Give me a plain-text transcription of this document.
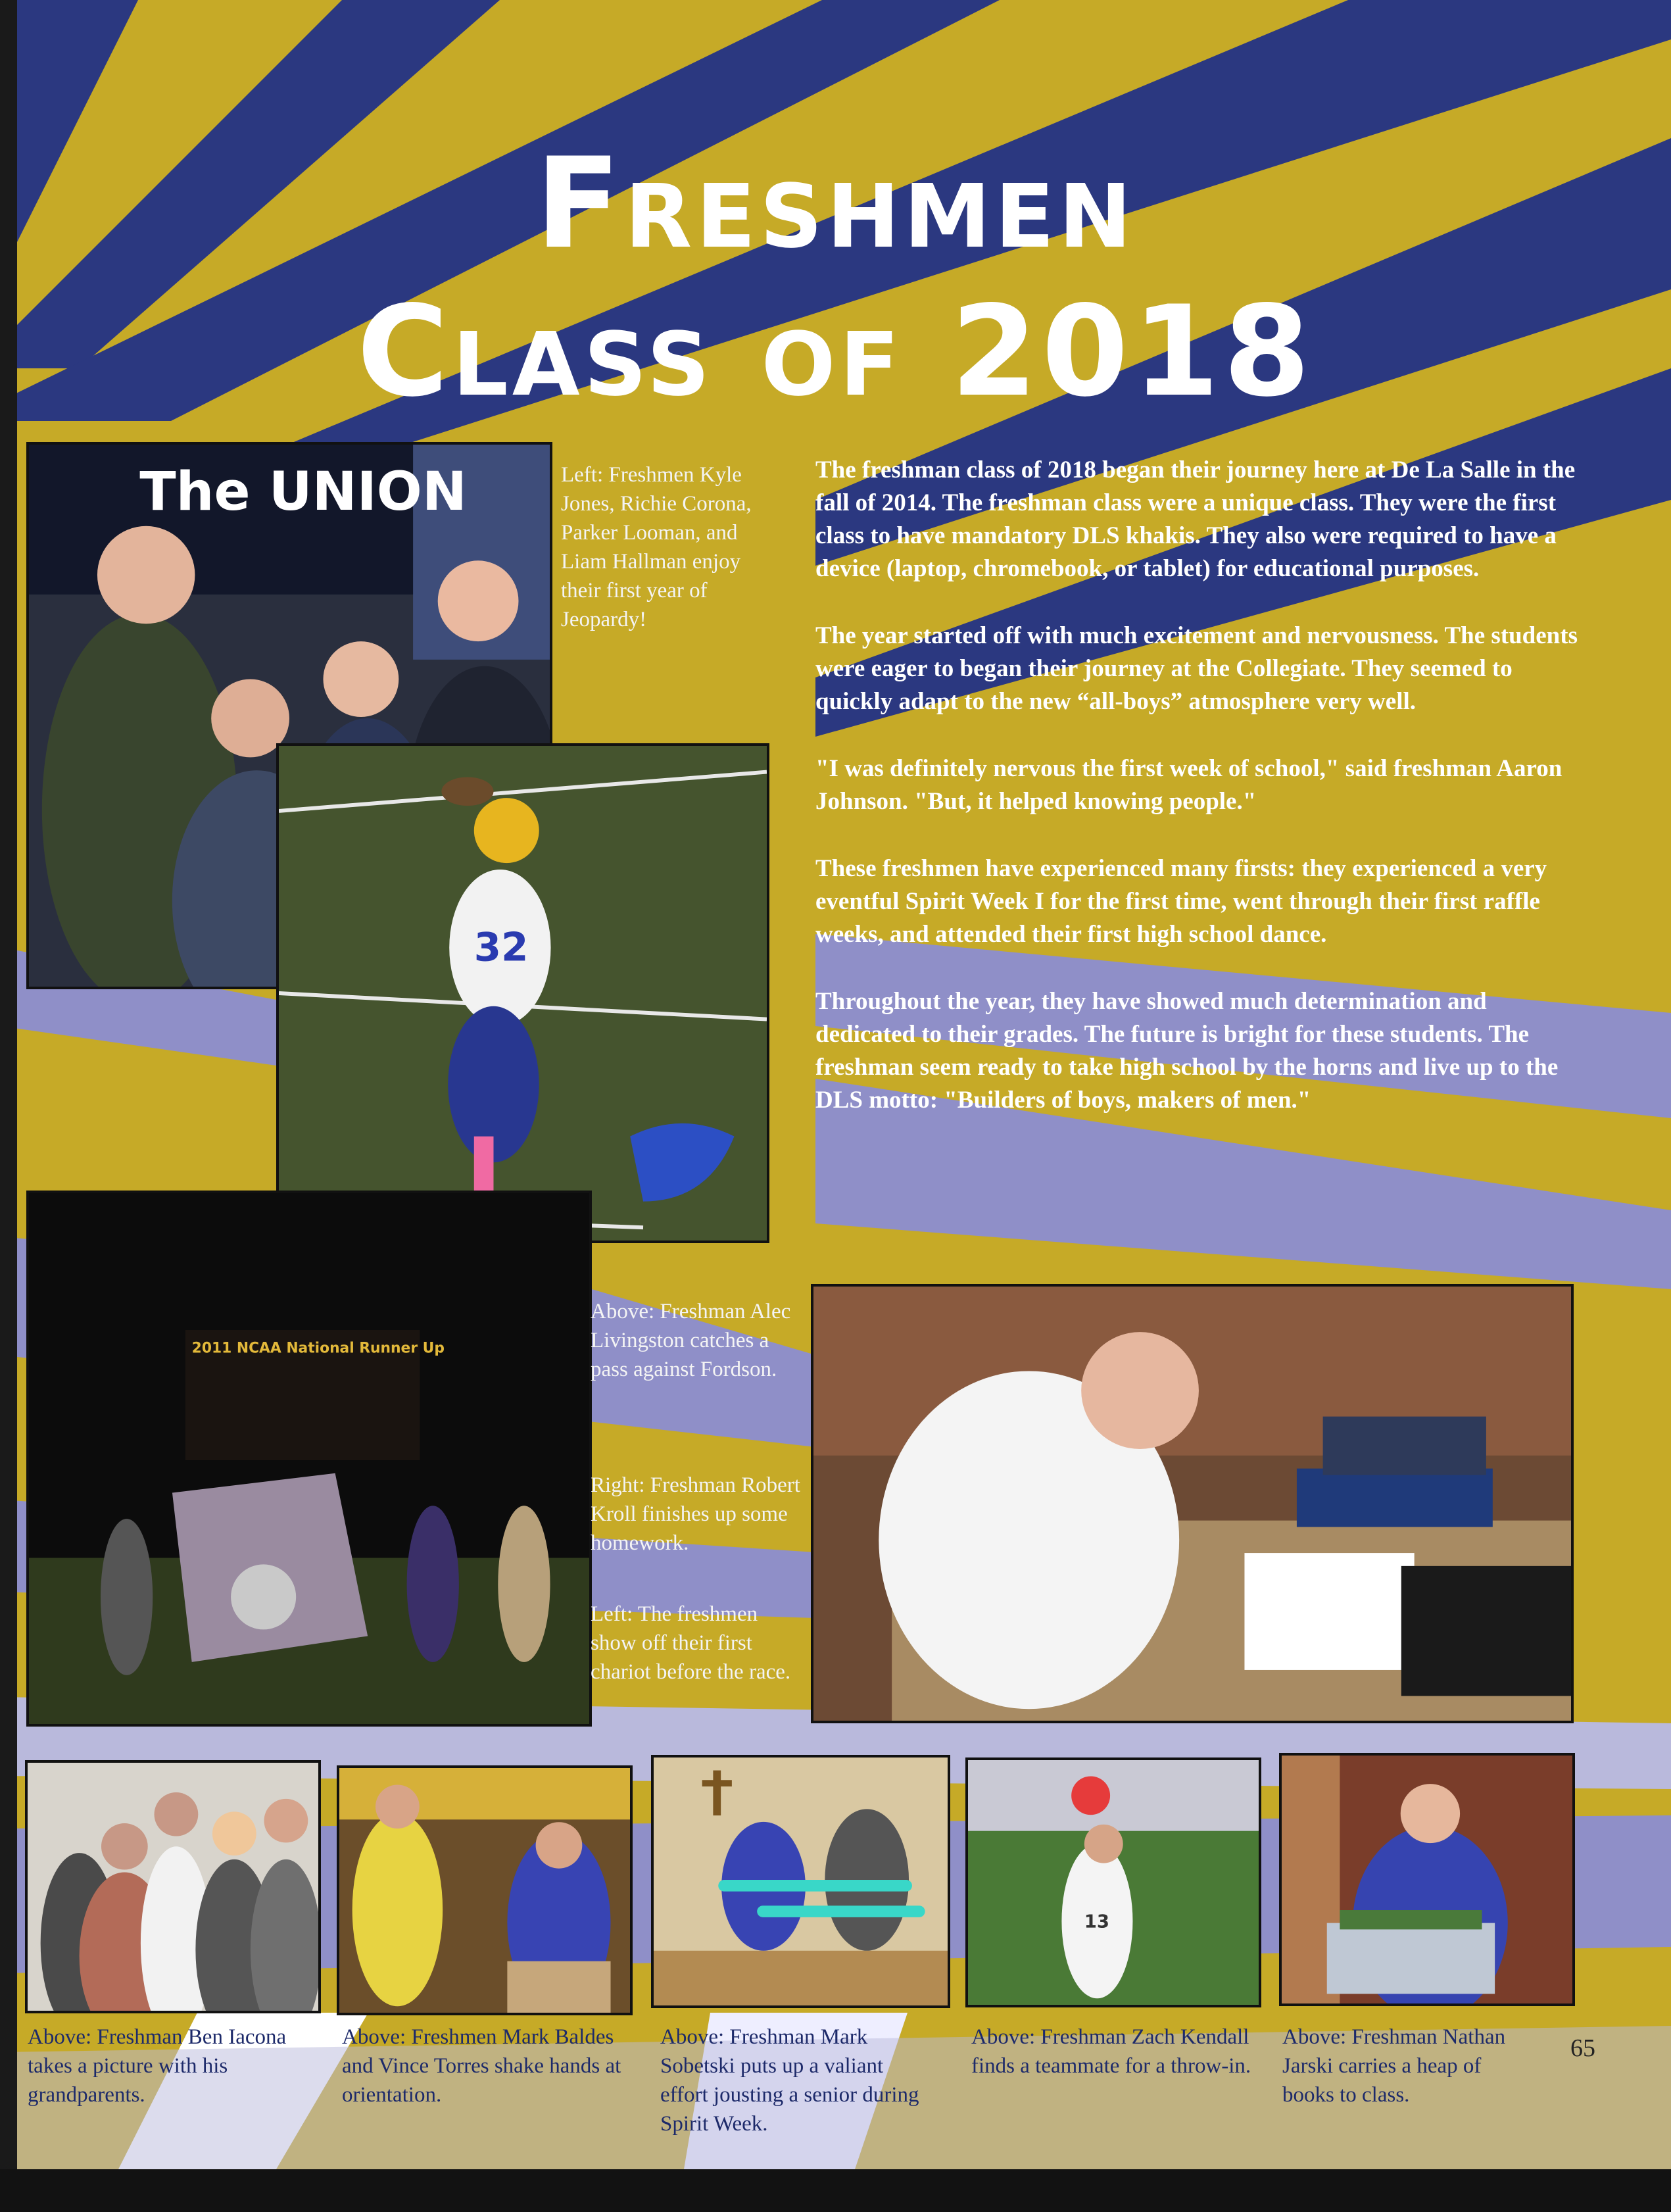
Freshmen
Class of 2018
The UNION
32
2011 NCAA National Runner Up
Left: Freshmen Kyle Jones, Richie Corona, Parker Looman, and Liam Hallman enjoy their first year of Jeopardy!
Above: Freshman Alec Livingston catches a pass against Fordson.
Right: Freshman Robert Kroll finishes up some homework.
Left: The freshmen show off their first chariot before the race.

The freshman class of 2018 began their journey here at De La Salle in the fall of 2014. The freshman class were a unique class. They were the first class to have mandatory DLS khakis. They also were required to have a device (laptop, chromebook, or tablet) for educational purposes.

The year started off with much excitement and nervousness. The students were eager to began their journey at the Collegiate. They seemed to quickly adapt to the new “all-boys” atmosphere very well.

"I was definitely nervous the first week of school," said freshman Aaron Johnson. "But, it helped knowing people."

These freshmen have experienced many firsts: they experienced a very eventful Spirit Week I for the first time, went through their first raffle weeks, and attended their first high school dance.

Throughout the year, they have showed much determination and dedicated to their grades. The future is bright for these students. The freshman seem ready to take high school by the horns and live up to the DLS motto: "Builders of boys, makers of men."

13
Above: Freshman Ben Iacona takes a picture with his grandparents.
Above: Freshmen Mark Baldes and Vince Torres shake hands at orientation.
Above: Freshman Mark Sobetski puts up a valiant effort jousting a senior during Spirit Week.
Above: Freshman Zach Kendall finds a teammate for a throw-in.
Above: Freshman Nathan Jarski carries a heap of books to class.
65
